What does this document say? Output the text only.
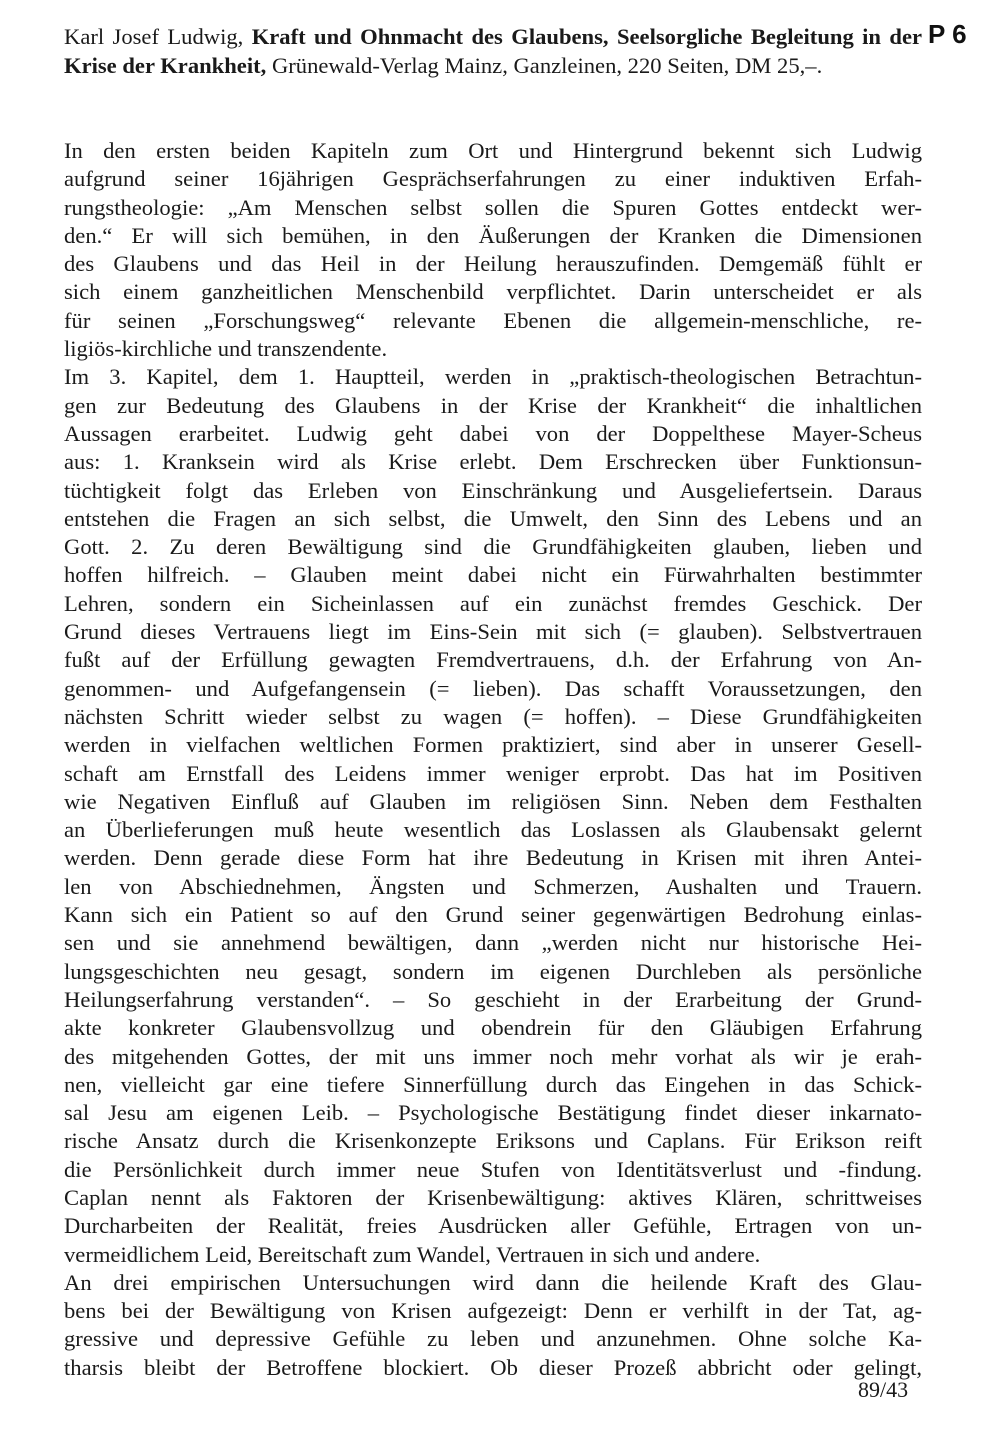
P 6
Karl Josef Ludwig, Kraft und Ohnmacht des Glaubens, Seelsorgliche Begleitung in der Krise der Krankheit, Grünewald-Verlag Mainz, Ganzleinen, 220 Seiten, DM 25,–.
In den ersten beiden Kapiteln zum Ort und Hintergrund bekennt sich Ludwig
aufgrund seiner 16jährigen Gesprächserfahrungen zu einer induktiven Erfah-
rungstheologie: „Am Menschen selbst sollen die Spuren Gottes entdeckt wer-
den.“ Er will sich bemühen, in den Äußerungen der Kranken die Dimensionen
des Glaubens und das Heil in der Heilung herauszufinden. Demgemäß fühlt er
sich einem ganzheitlichen Menschenbild verpflichtet. Darin unterscheidet er als
für seinen „Forschungsweg“ relevante Ebenen die allgemein-menschliche, re-
ligiös-kirchliche und transzendente.
Im 3. Kapitel, dem 1. Hauptteil, werden in „praktisch-theologischen Betrachtun-
gen zur Bedeutung des Glaubens in der Krise der Krankheit“ die inhaltlichen
Aussagen erarbeitet. Ludwig geht dabei von der Doppelthese Mayer-Scheus
aus: 1. Kranksein wird als Krise erlebt. Dem Erschrecken über Funktionsun-
tüchtigkeit folgt das Erleben von Einschränkung und Ausgeliefertsein. Daraus
entstehen die Fragen an sich selbst, die Umwelt, den Sinn des Lebens und an
Gott. 2. Zu deren Bewältigung sind die Grundfähigkeiten glauben, lieben und
hoffen hilfreich. – Glauben meint dabei nicht ein Fürwahrhalten bestimmter
Lehren, sondern ein Sicheinlassen auf ein zunächst fremdes Geschick. Der
Grund dieses Vertrauens liegt im Eins-Sein mit sich (= glauben). Selbstvertrauen
fußt auf der Erfüllung gewagten Fremdvertrauens, d.h. der Erfahrung von An-
genommen- und Aufgefangensein (= lieben). Das schafft Voraussetzungen, den
nächsten Schritt wieder selbst zu wagen (= hoffen). – Diese Grundfähigkeiten
werden in vielfachen weltlichen Formen praktiziert, sind aber in unserer Gesell-
schaft am Ernstfall des Leidens immer weniger erprobt. Das hat im Positiven
wie Negativen Einfluß auf Glauben im religiösen Sinn. Neben dem Festhalten
an Überlieferungen muß heute wesentlich das Loslassen als Glaubensakt gelernt
werden. Denn gerade diese Form hat ihre Bedeutung in Krisen mit ihren Antei-
len von Abschiednehmen, Ängsten und Schmerzen, Aushalten und Trauern.
Kann sich ein Patient so auf den Grund seiner gegenwärtigen Bedrohung einlas-
sen und sie annehmend bewältigen, dann „werden nicht nur historische Hei-
lungsgeschichten neu gesagt, sondern im eigenen Durchleben als persönliche
Heilungserfahrung verstanden“. – So geschieht in der Erarbeitung der Grund-
akte konkreter Glaubensvollzug und obendrein für den Gläubigen Erfahrung
des mitgehenden Gottes, der mit uns immer noch mehr vorhat als wir je erah-
nen, vielleicht gar eine tiefere Sinnerfüllung durch das Eingehen in das Schick-
sal Jesu am eigenen Leib. – Psychologische Bestätigung findet dieser inkarnato-
rische Ansatz durch die Krisenkonzepte Eriksons und Caplans. Für Erikson reift
die Persönlichkeit durch immer neue Stufen von Identitätsverlust und -findung.
Caplan nennt als Faktoren der Krisenbewältigung: aktives Klären, schrittweises
Durcharbeiten der Realität, freies Ausdrücken aller Gefühle, Ertragen von un-
vermeidlichem Leid, Bereitschaft zum Wandel, Vertrauen in sich und andere.
An drei empirischen Untersuchungen wird dann die heilende Kraft des Glau-
bens bei der Bewältigung von Krisen aufgezeigt: Denn er verhilft in der Tat, ag-
gressive und depressive Gefühle zu leben und anzunehmen. Ohne solche Ka-
tharsis bleibt der Betroffene blockiert. Ob dieser Prozeß abbricht oder gelingt,
89/43
